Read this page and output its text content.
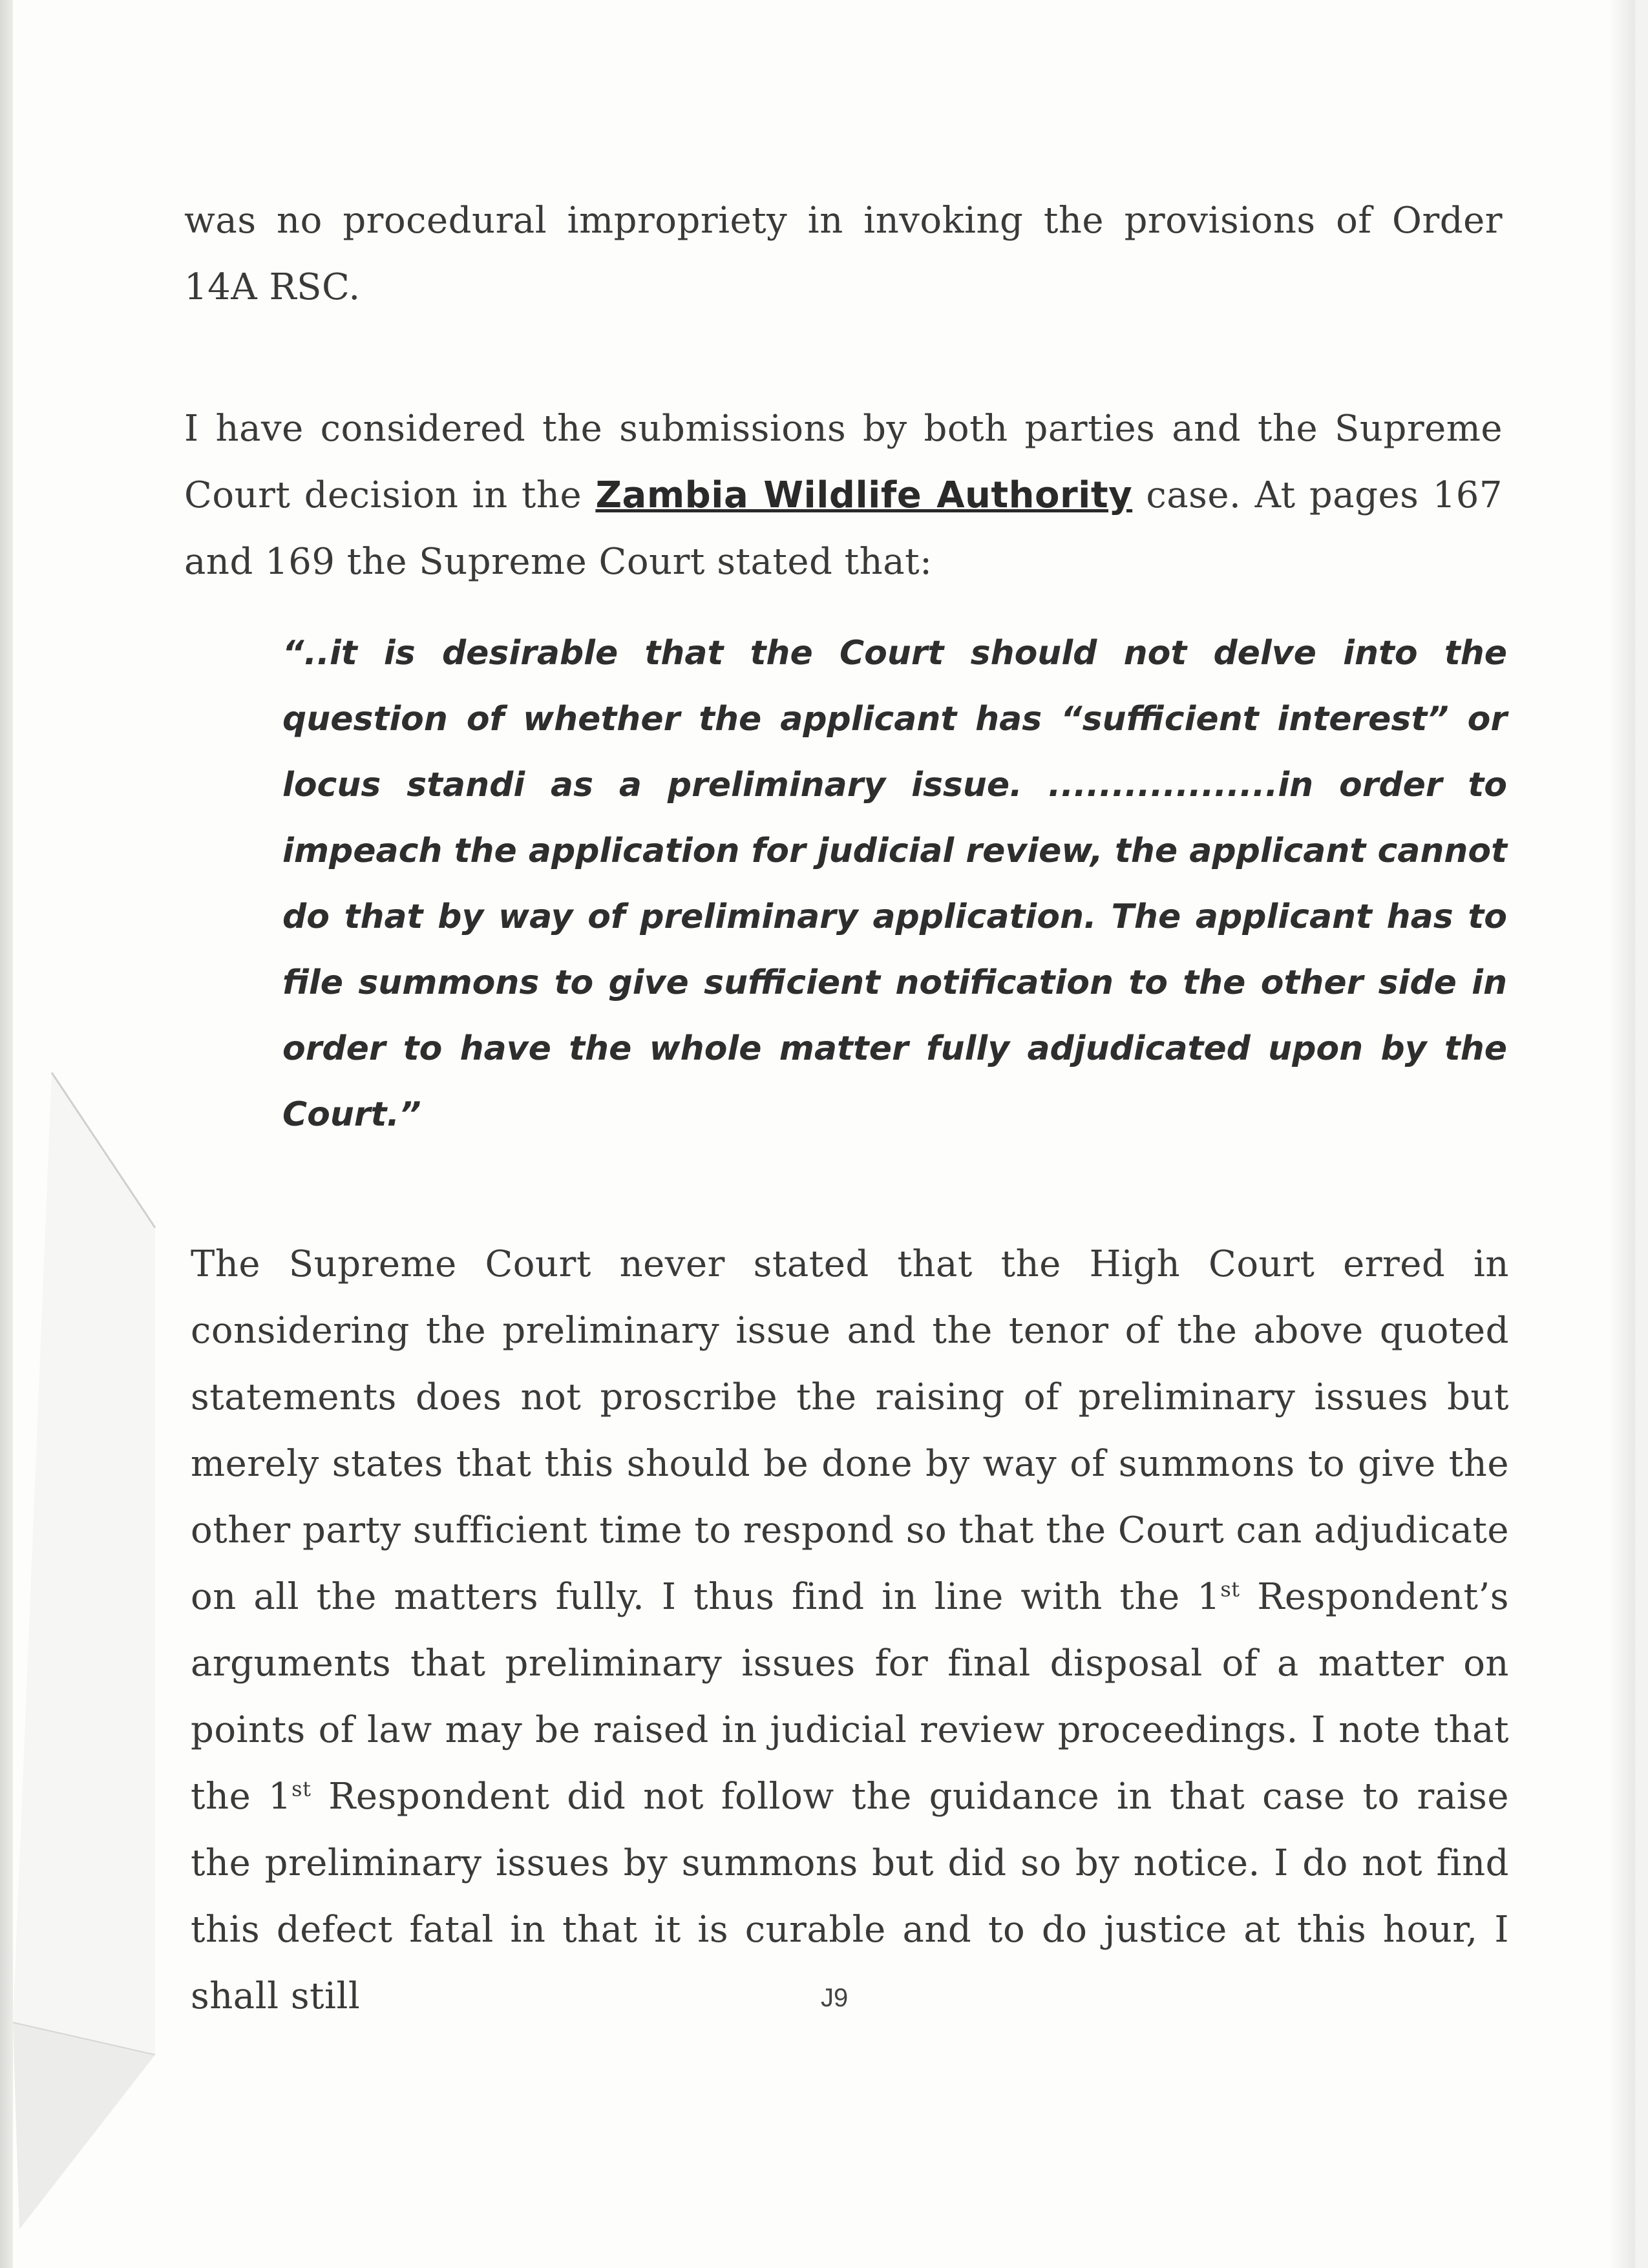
was no procedural impropriety in invoking the provisions of Order 14A RSC.

I have considered the submissions by both parties and the Supreme Court decision in the Zambia Wildlife Authority case. At pages 167 and 169 the Supreme Court stated that:

“..it is desirable that the Court should not delve into the question of whether the applicant has “sufficient interest” or locus standi as a preliminary issue. ..................in order to impeach the application for judicial review, the applicant cannot do that by way of preliminary application. The applicant has to file summons to give sufficient notification to the other side in order to have the whole matter fully adjudicated upon by the Court.”

The Supreme Court never stated that the High Court erred in considering the preliminary issue and the tenor of the above quoted statements does not proscribe the raising of preliminary issues but merely states that this should be done by way of summons to give the other party sufficient time to respond so that the Court can adjudicate on all the matters fully. I thus find in line with the 1st Respondent’s arguments that preliminary issues for final disposal of a matter on points of law may be raised in judicial review proceedings. I note that the 1st Respondent did not follow the guidance in that case to raise the preliminary issues by summons but did so by notice. I do not find this defect fatal in that it is curable and to do justice at this hour, I shall still	J9
